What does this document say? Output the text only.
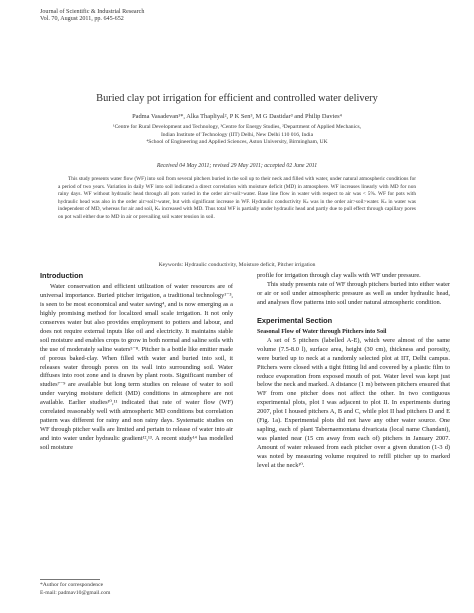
Journal of Scientific & Industrial Research
Vol. 70, August 2011, pp. 645-652
Buried clay pot irrigation for efficient and controlled water delivery
Padma Vasadevan¹*, Alka Thapliyal², P K Sen³, M G Dastidar³ and Philip Davies⁴
¹Centre for Rural Development and Technology, ³Centre for Energy Studies, ²Department of Applied Mechanics,
Indian Institute of Technology (IIT) Delhi, New Delhi 110 016, India
⁴School of Engineering and Applied Sciences, Aston University, Birmingham, UK
Received 04 May 2011; revised 29 May 2011; accepted 02 June 2011

This study presents water flow (WF) into soil from several pitchers buried in the soil up to their neck and filled with water, under natural atmospheric conditions for a period of two years. Variation in daily WF into soil indicated a direct correlation with moisture deficit (MD) in atmosphere. WF increases linearly with MD for non rainy days. WF without hydraulic head through all pots varied in the order air>soil>water. Base line flow in water with respect to air was < 5%. WF for pots with hydraulic head was also in the order air>soil>water, but with significant increase in WF. Hydraulic conductivity Kₛ was in the order air>soil>water. Kₛ in water was independent of MD, whereas for air and soil, Kₛ increased with MD. Thus total WF is partially under hydraulic head and partly due to pull effect through capillary pores on pot wall either due to MD in air or prevailing soil water tension in soil.

Keywords: Hydraulic conductivity, Moisture deficit, Pitcher irrigation
Introduction

Water conservation and efficient utilization of water resources are of universal importance. Buried pitcher irrigation, a traditional technology¹⁻³, is seen to be most economical and water saving⁴, and is now emerging as a highly promising method for localized small scale irrigation. It not only conserves water but also provides employment to potters and labour, and does not require external inputs like oil and electricity. It maintains stable soil moisture and enables crops to grow in both normal and saline soils with the use of moderately saline waters⁵⁻⁸. Pitcher is a bottle like emitter made of porous baked-clay. When filled with water and buried into soil, it releases water through pores on its wall into surrounding soil. Water diffuses into root zone and is drawn by plant roots. Significant number of studies⁷⁻⁹ are available but long term studies on release of water to soil under varying moisture deficit (MD) conditions in atmosphere are not available. Earlier studies¹⁰,¹¹ indicated that rate of water flow (WF) correlated reasonably well with atmospheric MD conditions but correlation pattern was different for rainy and non rainy days. Systematic studies on WF through pitcher walls are limited and pertain to release of water into air and into water under hydraulic gradient¹²,¹³. A recent study¹⁴ has modelled soil moisture

profile for irrigation through clay walls with WF under pressure.

This study presents rate of WF through pitchers buried into either water or air or soil under atmospheric pressure as well as under hydraulic head, and analyses flow patterns into soil under natural atmospheric condition.

Experimental Section
Seasonal Flow of Water through Pitchers into Soil

A set of 5 pitchers (labelled A-E), which were almost of the same volume (7.5-8.0 l), surface area, height (30 cm), thickness and porosity, were buried up to neck at a randomly selected plot at IIT, Delhi campus. Pitchers were closed with a tight fitting lid and covered by a plastic film to reduce evaporation from exposed mouth of pot. Water level was kept just below the neck and marked. A distance (1 m) between pitchers ensured that WF from one pitcher does not affect the other. In two contiguous experimental plots, plot I was adjacent to plot II. In experiments during 2007, plot I housed pitchers A, B and C, while plot II had pitchers D and E (Fig. 1a). Experimental plots did not have any other water source. One sapling, each of plant Tabernaemontana divaricata (local name Chandani), was planted near (15 cm away from each of) pitchers in January 2007. Amount of water released from each pitcher over a given duration (1-3 d) was noted by measuring volume required to refill pitcher up to marked level at the neck¹⁰.

*Author for correspondence
E-mail: padmav10@gmail.com
